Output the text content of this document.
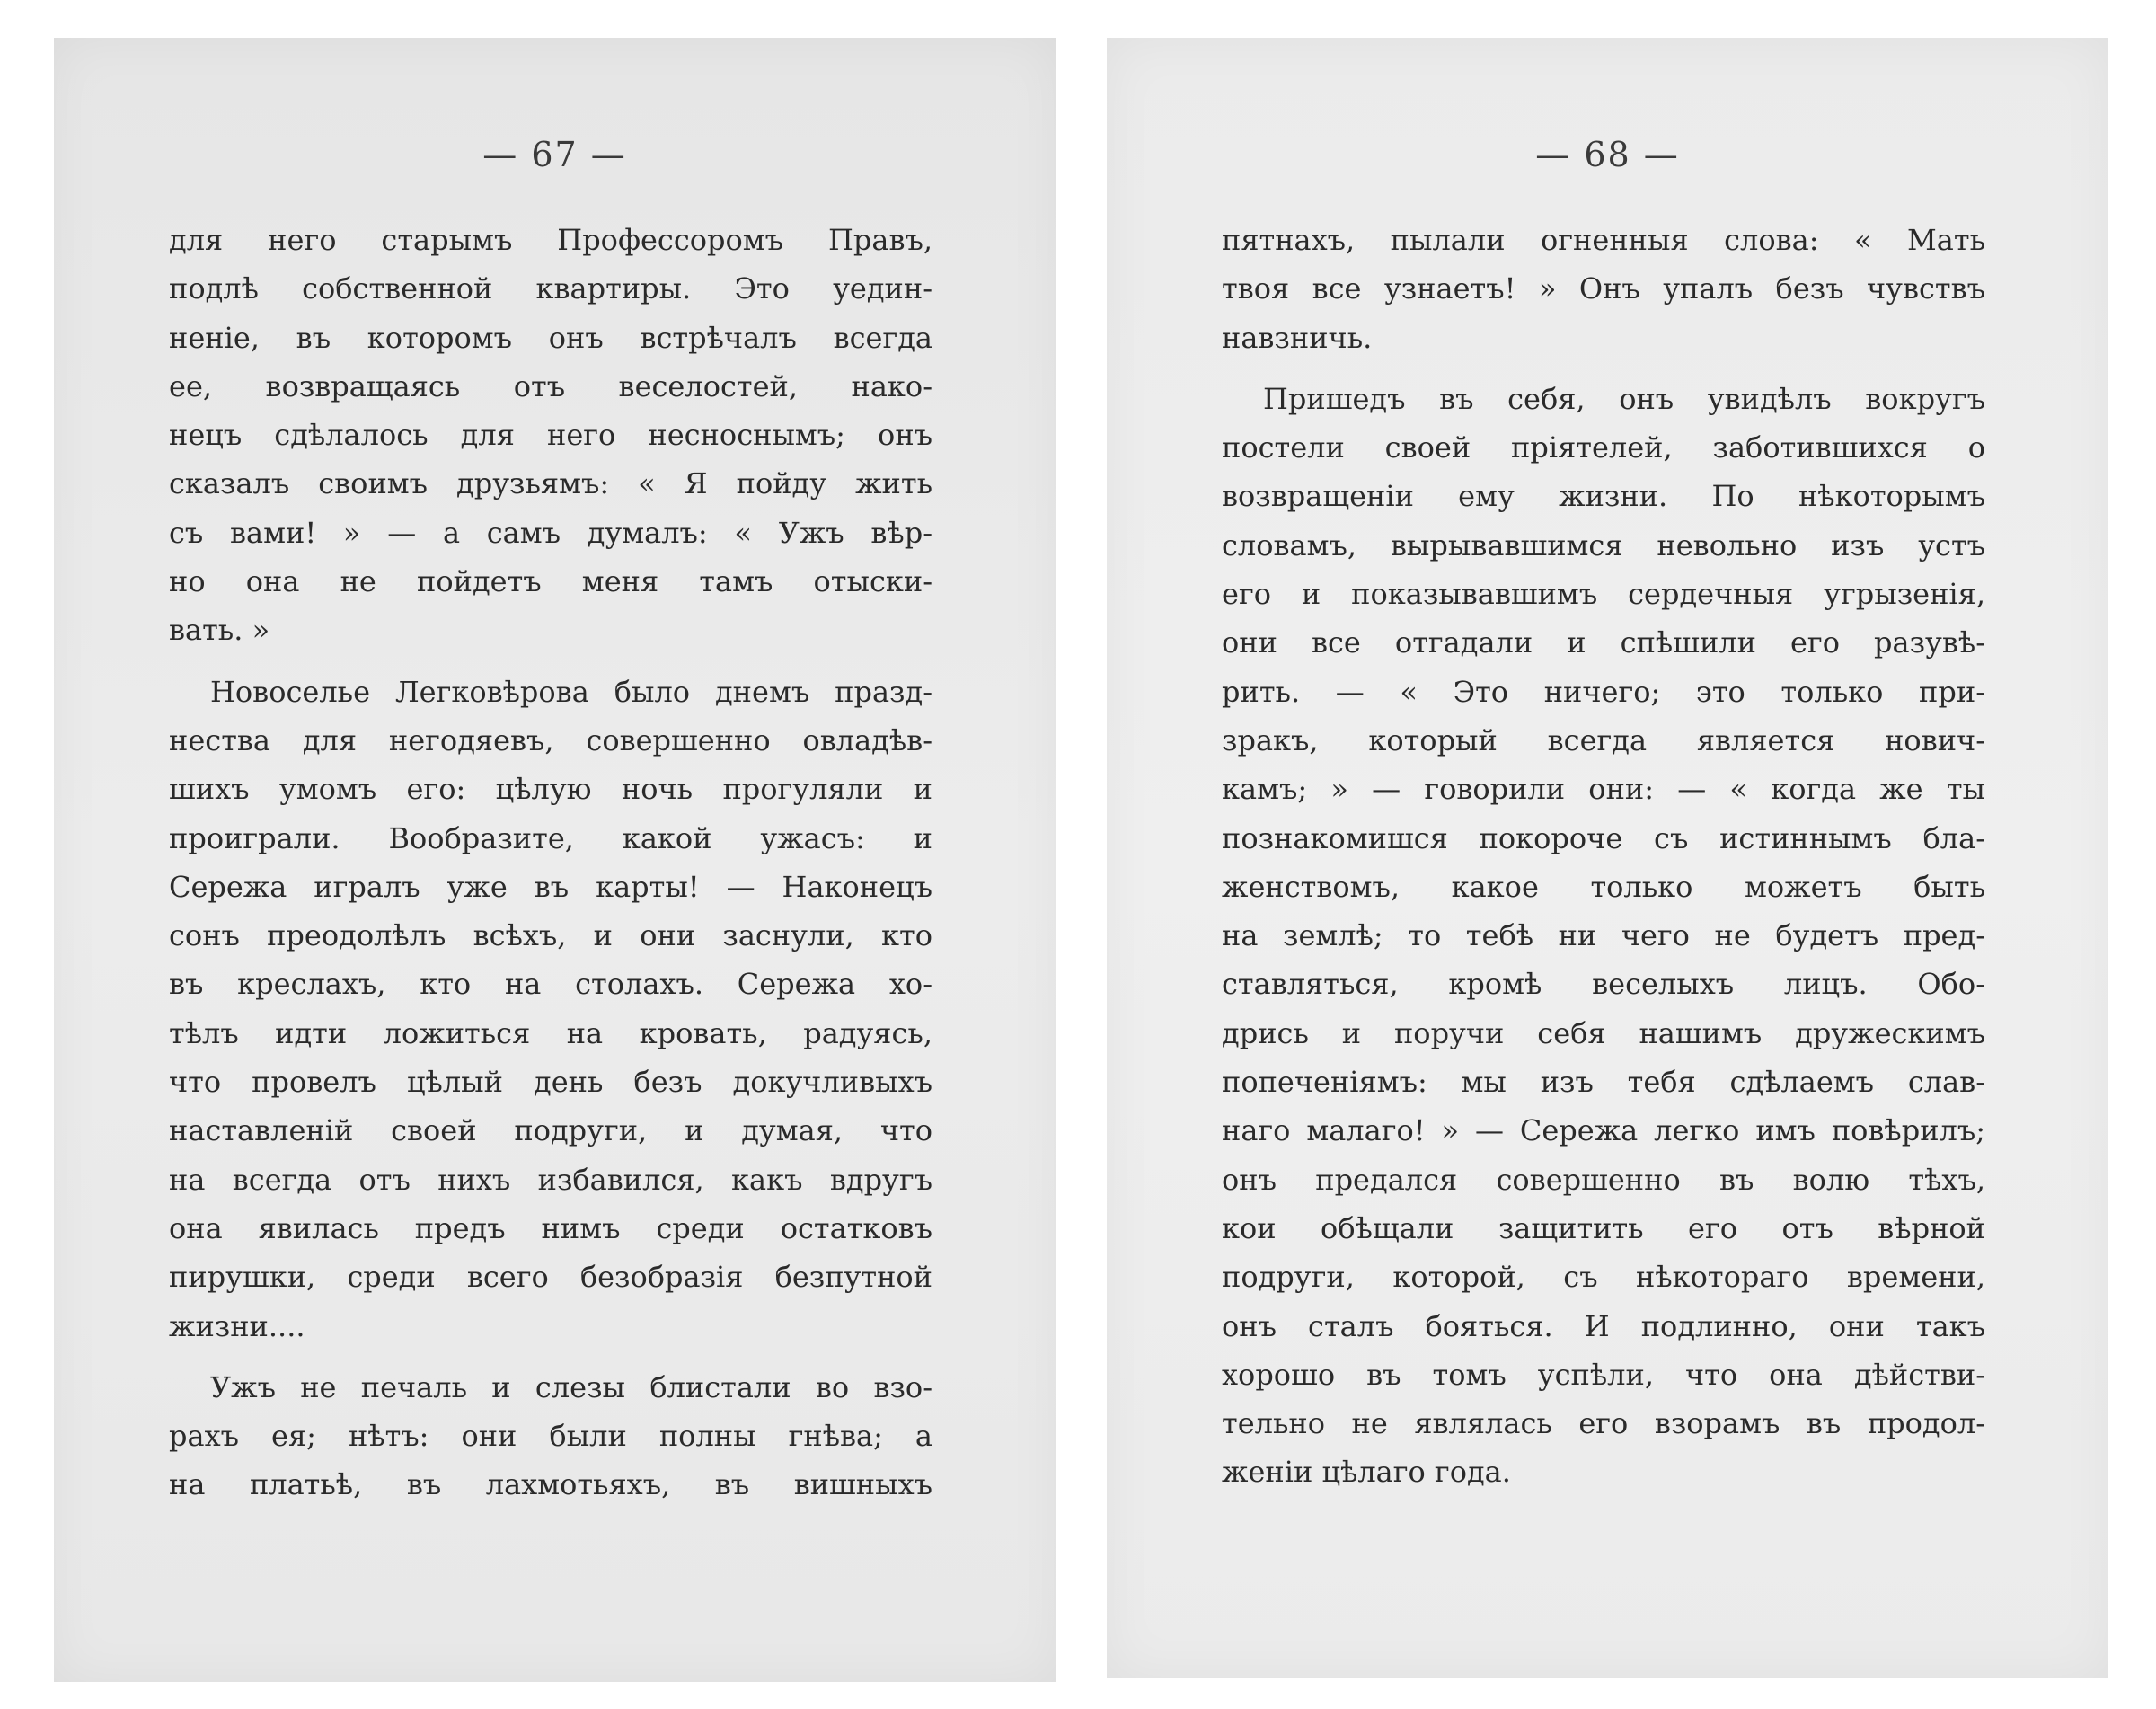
— 67 —
для него старымъ Профессоромъ Правъ,
подлѣ собственной квартиры. Это уедин-
ненiе, въ которомъ онъ встрѣчалъ всегда
ее, возвращаясь отъ веселостей, нако-
нецъ сдѣлалось для него несноснымъ; онъ
сказалъ своимъ друзьямъ: « Я пойду жить
съ вами! » — а самъ думалъ: « Ужъ вѣр-
но она не пойдетъ меня тамъ отыски-
вать. »
Новоселье Легковѣрова было днемъ празд-
нества для негодяевъ, совершенно овладѣв-
шихъ умомъ его: цѣлую ночь прогуляли и
проиграли. Вообразите, какой ужасъ: и
Сережа игралъ уже въ карты! — Наконецъ
сонъ преодолѣлъ всѣхъ, и они заснули, кто
въ креслахъ, кто на столахъ. Сережа хо-
тѣлъ идти ложиться на кровать, радуясь,
что провелъ цѣлый день безъ докучливыхъ
наставленiй своей подруги, и думая, что
на всегда отъ нихъ избавился, какъ вдругъ
она явилась предъ нимъ среди остатковъ
пирушки, среди всего безобразiя безпутной
жизни....
Ужъ не печаль и слезы блистали во взо-
рахъ ея; нѣтъ: они были полны гнѣва; а
на платьѣ, въ лахмотьяхъ, въ вишныхъ
— 68 —
пятнахъ, пылали огненныя слова: « Мать
твоя все узнаетъ! » Онъ упалъ безъ чувствъ
навзничь.
Пришедъ въ себя, онъ увидѣлъ вокругъ
постели своей прiятелей, заботившихся о
возвращенiи ему жизни. По нѣкоторымъ
словамъ, вырывавшимся невольно изъ устъ
его и показывавшимъ сердечныя угрызенiя,
они все отгадали и спѣшили его разувѣ-
рить. — « Это ничего; это только при-
зракъ, который всегда является нович-
камъ; » — говорили они: — « когда же ты
познакомишся покороче съ истиннымъ бла-
женствомъ, какое только можетъ быть
на землѣ; то тебѣ ни чего не будетъ пред-
ставляться, кромѣ веселыхъ лицъ. Обо-
дрись и поручи себя нашимъ дружескимъ
попеченiямъ: мы изъ тебя сдѣлаемъ слав-
наго малаго! » — Сережа легко имъ повѣрилъ;
онъ предался совершенно въ волю тѣхъ,
кои обѣщали защитить его отъ вѣрной
подруги, которой, съ нѣкотораго времени,
онъ сталъ бояться. И подлинно, они такъ
хорошо въ томъ успѣли, что она дѣйстви-
тельно не являлась его взорамъ въ продол-
женiи цѣлаго года.
